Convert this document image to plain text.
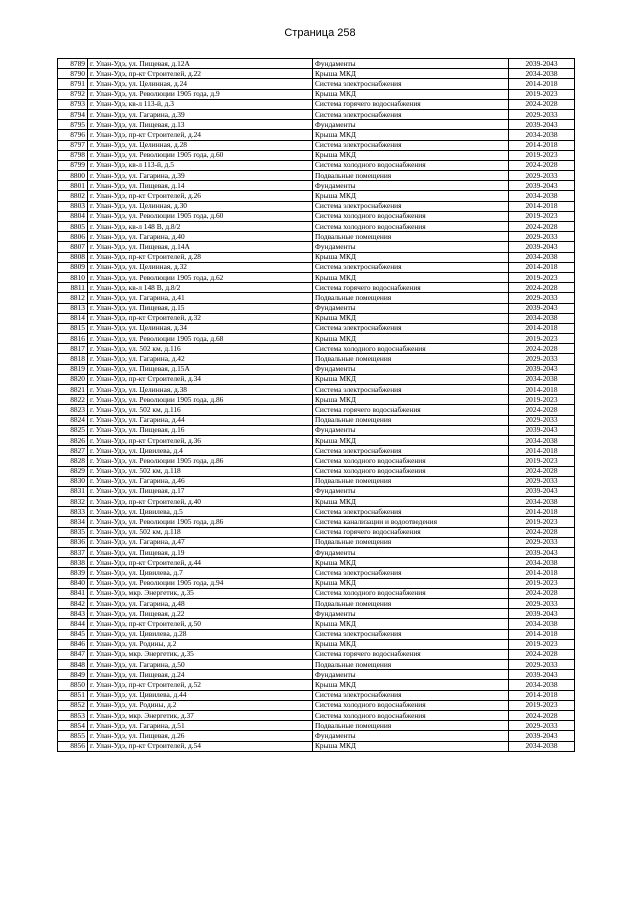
Страница 258
8789	г. Улан-Удэ, ул. Пищевая, д.12А	Фундаменты	2039-2043
8790	г. Улан-Удэ, пр-кт Строителей, д.22	Крыша МКД	2034-2038
8791	г. Улан-Удэ, ул. Целинная, д.24	Система электроснабжения	2014-2018
8792	г. Улан-Удэ, ул. Революции 1905 года, д.9	Крыша МКД	2019-2023
8793	г. Улан-Удэ, кв-л 113-й, д.3	Система горячего водоснабжения	2024-2028
8794	г. Улан-Удэ, ул. Гагарина, д.39	Система электроснабжения	2029-2033
8795	г. Улан-Удэ, ул. Пищевая, д.13	Фундаменты	2039-2043
8796	г. Улан-Удэ, пр-кт Строителей, д.24	Крыша МКД	2034-2038
8797	г. Улан-Удэ, ул. Целинная, д.28	Система электроснабжения	2014-2018
8798	г. Улан-Удэ, ул. Революции 1905 года, д.60	Крыша МКД	2019-2023
8799	г. Улан-Удэ, кв-л 113-й, д.5	Система холодного водоснабжения	2024-2028
8800	г. Улан-Удэ, ул. Гагарина, д.39	Подвальные помещения	2029-2033
8801	г. Улан-Удэ, ул. Пищевая, д.14	Фундаменты	2039-2043
8802	г. Улан-Удэ, пр-кт Строителей, д.26	Крыша МКД	2034-2038
8803	г. Улан-Удэ, ул. Целинная, д.30	Система электроснабжения	2014-2018
8804	г. Улан-Удэ, ул. Революции 1905 года, д.60	Система холодного водоснабжения	2019-2023
8805	г. Улан-Удэ, кв-л 148 В, д.8/2	Система холодного водоснабжения	2024-2028
8806	г. Улан-Удэ, ул. Гагарина, д.40	Подвальные помещения	2029-2033
8807	г. Улан-Удэ, ул. Пищевая, д.14А	Фундаменты	2039-2043
8808	г. Улан-Удэ, пр-кт Строителей, д.28	Крыша МКД	2034-2038
8809	г. Улан-Удэ, ул. Целинная, д.32	Система электроснабжения	2014-2018
8810	г. Улан-Удэ, ул. Революции 1905 года, д.62	Крыша МКД	2019-2023
8811	г. Улан-Удэ, кв-л 148 В, д.8/2	Система горячего водоснабжения	2024-2028
8812	г. Улан-Удэ, ул. Гагарина, д.41	Подвальные помещения	2029-2033
8813	г. Улан-Удэ, ул. Пищевая, д.15	Фундаменты	2039-2043
8814	г. Улан-Удэ, пр-кт Строителей, д.32	Крыша МКД	2034-2038
8815	г. Улан-Удэ, ул. Целинная, д.34	Система электроснабжения	2014-2018
8816	г. Улан-Удэ, ул. Революции 1905 года, д.68	Крыша МКД	2019-2023
8817	г. Улан-Удэ, ул. 502 км, д.116	Система холодного водоснабжения	2024-2028
8818	г. Улан-Удэ, ул. Гагарина, д.42	Подвальные помещения	2029-2033
8819	г. Улан-Удэ, ул. Пищевая, д.15А	Фундаменты	2039-2043
8820	г. Улан-Удэ, пр-кт Строителей, д.34	Крыша МКД	2034-2038
8821	г. Улан-Удэ, ул. Целинная, д.38	Система электроснабжения	2014-2018
8822	г. Улан-Удэ, ул. Революции 1905 года, д.86	Крыша МКД	2019-2023
8823	г. Улан-Удэ, ул. 502 км, д.116	Система горячего водоснабжения	2024-2028
8824	г. Улан-Удэ, ул. Гагарина, д.44	Подвальные помещения	2029-2033
8825	г. Улан-Удэ, ул. Пищевая, д.16	Фундаменты	2039-2043
8826	г. Улан-Удэ, пр-кт Строителей, д.36	Крыша МКД	2034-2038
8827	г. Улан-Удэ, ул. Цивилева, д.4	Система электроснабжения	2014-2018
8828	г. Улан-Удэ, ул. Революции 1905 года, д.86	Система холодного водоснабжения	2019-2023
8829	г. Улан-Удэ, ул. 502 км, д.118	Система холодного водоснабжения	2024-2028
8830	г. Улан-Удэ, ул. Гагарина, д.46	Подвальные помещения	2029-2033
8831	г. Улан-Удэ, ул. Пищевая, д.17	Фундаменты	2039-2043
8832	г. Улан-Удэ, пр-кт Строителей, д.40	Крыша МКД	2034-2038
8833	г. Улан-Удэ, ул. Цивилева, д.5	Система электроснабжения	2014-2018
8834	г. Улан-Удэ, ул. Революции 1905 года, д.86	Система канализации и водоотведения	2019-2023
8835	г. Улан-Удэ, ул. 502 км, д.118	Система горячего водоснабжения	2024-2028
8836	г. Улан-Удэ, ул. Гагарина, д.47	Подвальные помещения	2029-2033
8837	г. Улан-Удэ, ул. Пищевая, д.19	Фундаменты	2039-2043
8838	г. Улан-Удэ, пр-кт Строителей, д.44	Крыша МКД	2034-2038
8839	г. Улан-Удэ, ул. Цивилева, д.7	Система электроснабжения	2014-2018
8840	г. Улан-Удэ, ул. Революции 1905 года, д.94	Крыша МКД	2019-2023
8841	г. Улан-Удэ, мкр. Энергетик, д.35	Система холодного водоснабжения	2024-2028
8842	г. Улан-Удэ, ул. Гагарина, д.48	Подвальные помещения	2029-2033
8843	г. Улан-Удэ, ул. Пищевая, д.22	Фундаменты	2039-2043
8844	г. Улан-Удэ, пр-кт Строителей, д.50	Крыша МКД	2034-2038
8845	г. Улан-Удэ, ул. Цивилева, д.28	Система электроснабжения	2014-2018
8846	г. Улан-Удэ, ул. Родины, д.2	Крыша МКД	2019-2023
8847	г. Улан-Удэ, мкр. Энергетик, д.35	Система горячего водоснабжения	2024-2028
8848	г. Улан-Удэ, ул. Гагарина, д.50	Подвальные помещения	2029-2033
8849	г. Улан-Удэ, ул. Пищевая, д.24	Фундаменты	2039-2043
8850	г. Улан-Удэ, пр-кт Строителей, д.52	Крыша МКД	2034-2038
8851	г. Улан-Удэ, ул. Цивилева, д.44	Система электроснабжения	2014-2018
8852	г. Улан-Удэ, ул. Родины, д.2	Система холодного водоснабжения	2019-2023
8853	г. Улан-Удэ, мкр. Энергетик, д.37	Система холодного водоснабжения	2024-2028
8854	г. Улан-Удэ, ул. Гагарина, д.51	Подвальные помещения	2029-2033
8855	г. Улан-Удэ, ул. Пищевая, д.26	Фундаменты	2039-2043
8856	г. Улан-Удэ, пр-кт Строителей, д.54	Крыша МКД	2034-2038
